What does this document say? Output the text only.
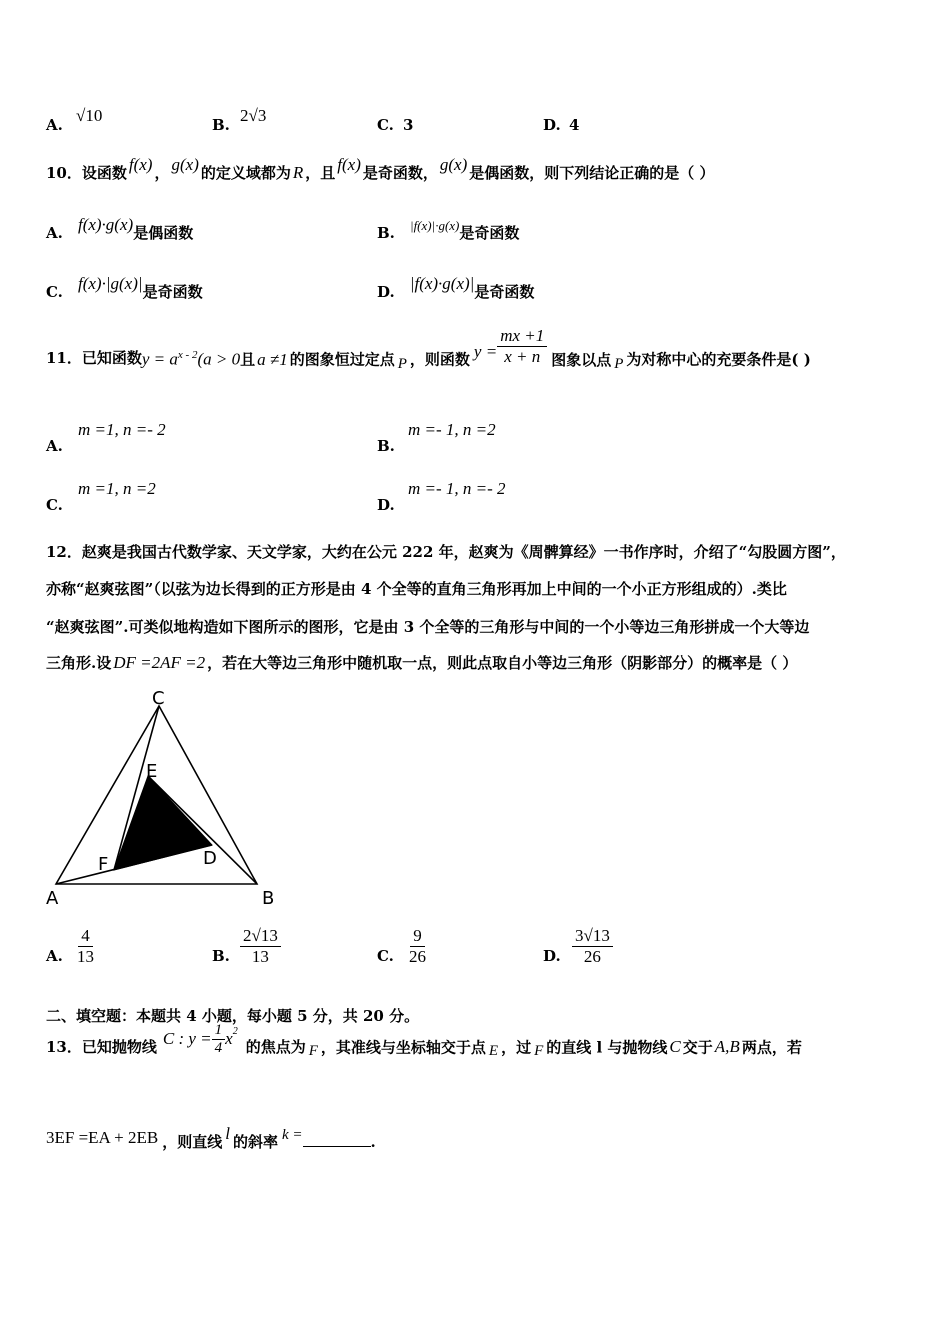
A. √10	B. 2√3	C. 3	D. 4
10．设函数 f(x) ， g(x) 的定义域都为 R ，且 f(x) 是奇函数， g(x) 是偶函数，则下列结论正确的是（ ）
A. f(x)·g(x)是偶函数	B. $^{|f(x)|\cdot g(x)}$是奇函数
C. f(x)·|g(x)|是奇函数	D. |f(x)·g(x)|是奇函数
11．已知函数$y = a^{x - 2}(a > 0$且 a ≠1 的图象恒过定点 P ，则函数 $y = \frac{mx +1}{x + n}$ 图象以点 P 为对称中心的充要条件是( )
A.
m =1, n =- 2
B.
m =- 1, n =2
C.
m =1, n =2
D.
m =- 1, n =- 2
12．赵爽是我国古代数学家、天文学家，大约在公元 222 年，赵爽为《周髀算经》一书作序时，介绍了“勾股圆方图”，
亦称“赵爽弦图”（以弦为边长得到的正方形是由 4 个全等的直角三角形再加上中间的一个小正方形组成的）.类比
“赵爽弦图”.可类似地构造如下图所示的图形，它是由 3 个全等的三角形与中间的一个小等边三角形拼成一个大等边
三角形.设 DF =2AF =2 ，若在大等边三角形中随机取一点，则此点取自小等边三角形（阴影部分）的概率是（ ）
C
E
D
F
A	B
A. $\frac{4}{13}$	B. $\frac{2√13}{13}$	C. $\frac{9}{26}$	D. $\frac{3√13}{26}$
二、填空题：本题共 4 小题，每小题 5 分，共 20 分。
13．已知抛物线 C : $y = \frac{1}{4} x^2$的焦点为 F ，其准线与坐标轴交于点 E ，过 F 的直线 l 与抛物线 C 交于 A,B 两点，若
3EF =EA + 2EB ，则直线 l 的斜率 k =	.
